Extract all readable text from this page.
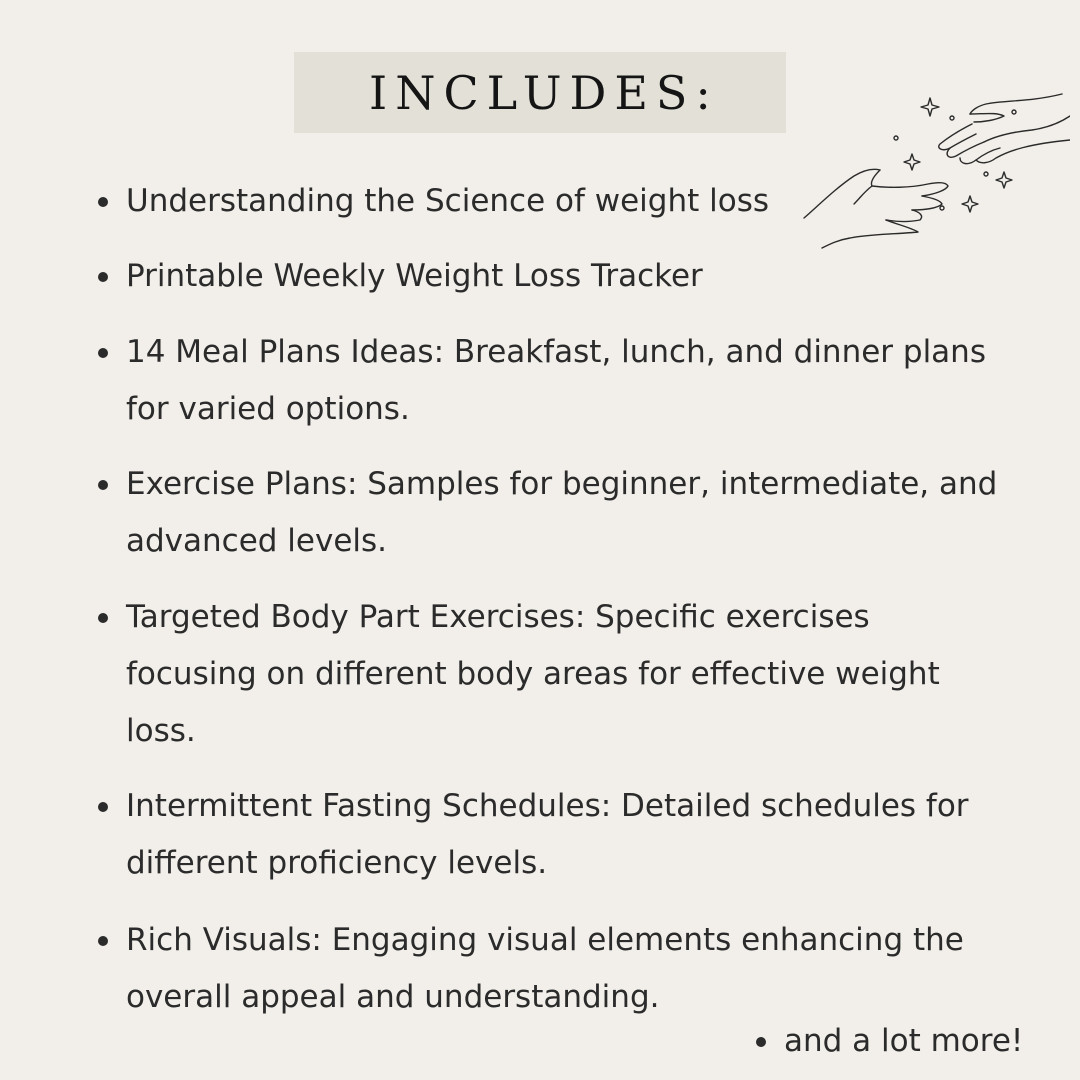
INCLUDES:
Understanding the Science of weight loss
Printable Weekly Weight Loss Tracker
14 Meal Plans Ideas: Breakfast, lunch, and dinner plans
for varied options.
Exercise Plans: Samples for beginner, intermediate, and
advanced levels.
Targeted Body Part Exercises: Specific exercises
focusing on different body areas for effective weight
loss.
Intermittent Fasting Schedules: Detailed schedules for
different proficiency levels.
Rich Visuals: Engaging visual elements enhancing the
overall appeal and understanding.
and a lot more!
